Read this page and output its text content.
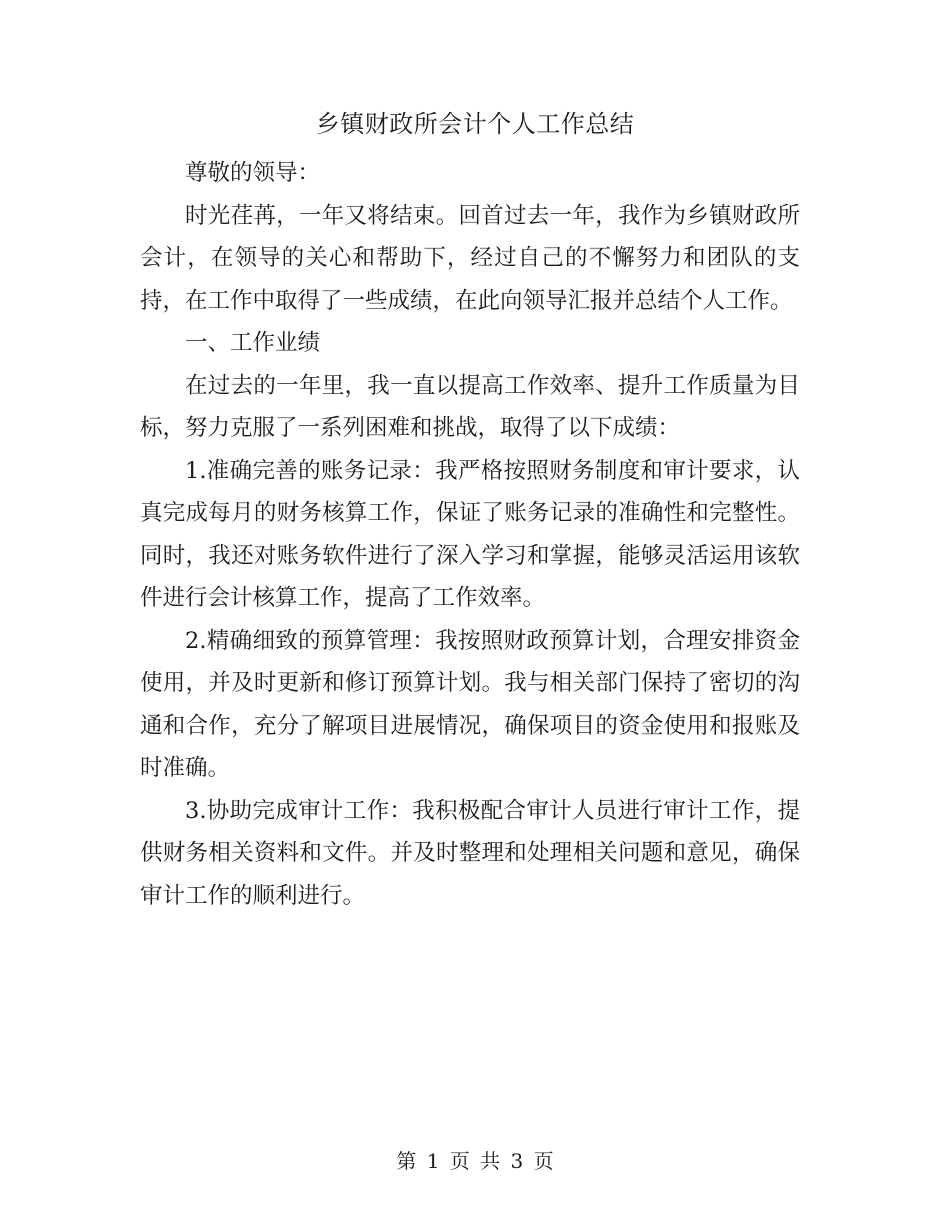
乡镇财政所会计个人工作总结

尊敬的领导：

时光荏苒，一年又将结束。回首过去一年，我作为乡镇财政所会计，在领导的关心和帮助下，经过自己的不懈努力和团队的支持，在工作中取得了一些成绩，在此向领导汇报并总结个人工作。

一、工作业绩

在过去的一年里，我一直以提高工作效率、提升工作质量为目标，努力克服了一系列困难和挑战，取得了以下成绩：

1.准确完善的账务记录：我严格按照财务制度和审计要求，认真完成每月的财务核算工作，保证了账务记录的准确性和完整性。同时，我还对账务软件进行了深入学习和掌握，能够灵活运用该软件进行会计核算工作，提高了工作效率。

2.精确细致的预算管理：我按照财政预算计划，合理安排资金使用，并及时更新和修订预算计划。我与相关部门保持了密切的沟通和合作，充分了解项目进展情况，确保项目的资金使用和报账及时准确。

3.协助完成审计工作：我积极配合审计人员进行审计工作，提供财务相关资料和文件。并及时整理和处理相关问题和意见，确保审计工作的顺利进行。

第 1 页 共 3 页
